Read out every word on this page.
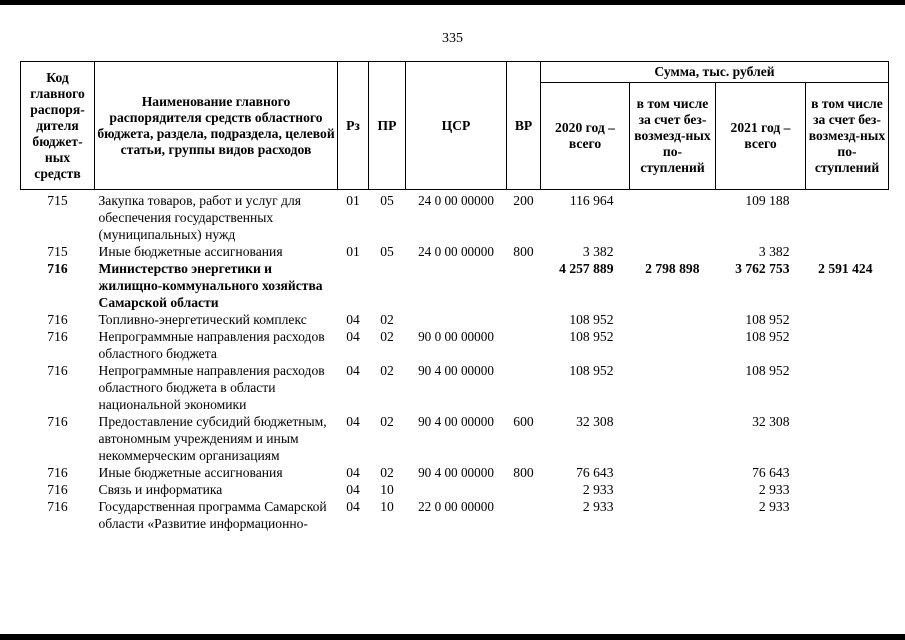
335
Код главного распоря-дителя бюджет-ных средств	Наименование главного распорядителя средств областного бюджета, раздела, подраздела, целевой статьи, группы видов расходов	Рз	ПР	ЦСР	ВР	Сумма, тыс. рублей			
						2020 год – всего	в том числе за счет без-возмезд-ных по-ступлений	2021 год – всего	в том числе за счет без-возмезд-ных по-ступлений
715	Закупка товаров, работ и услуг для обеспечения государственных (муниципальных) нужд	01	05	24 0 00 00000	200	116 964		109 188	
715	Иные бюджетные ассигнования	01	05	24 0 00 00000	800	3 382		3 382	
716	Министерство энергетики и жилищно-коммунального хозяйства Самарской области					4 257 889	2 798 898	3 762 753	2 591 424
716	Топливно-энергетический комплекс	04	02			108 952		108 952	
716	Непрограммные направления расходов областного бюджета	04	02	90 0 00 00000		108 952		108 952	
716	Непрограммные направления расходов областного бюджета в области национальной экономики	04	02	90 4 00 00000		108 952		108 952	
716	Предоставление субсидий бюджетным, автономным учреждениям и иным некоммерческим организациям	04	02	90 4 00 00000	600	32 308		32 308	
716	Иные бюджетные ассигнования	04	02	90 4 00 00000	800	76 643		76 643	
716	Связь и информатика	04	10			2 933		2 933	
716	Государственная программа Самарской области «Развитие информационно-	04	10	22 0 00 00000		2 933		2 933	
